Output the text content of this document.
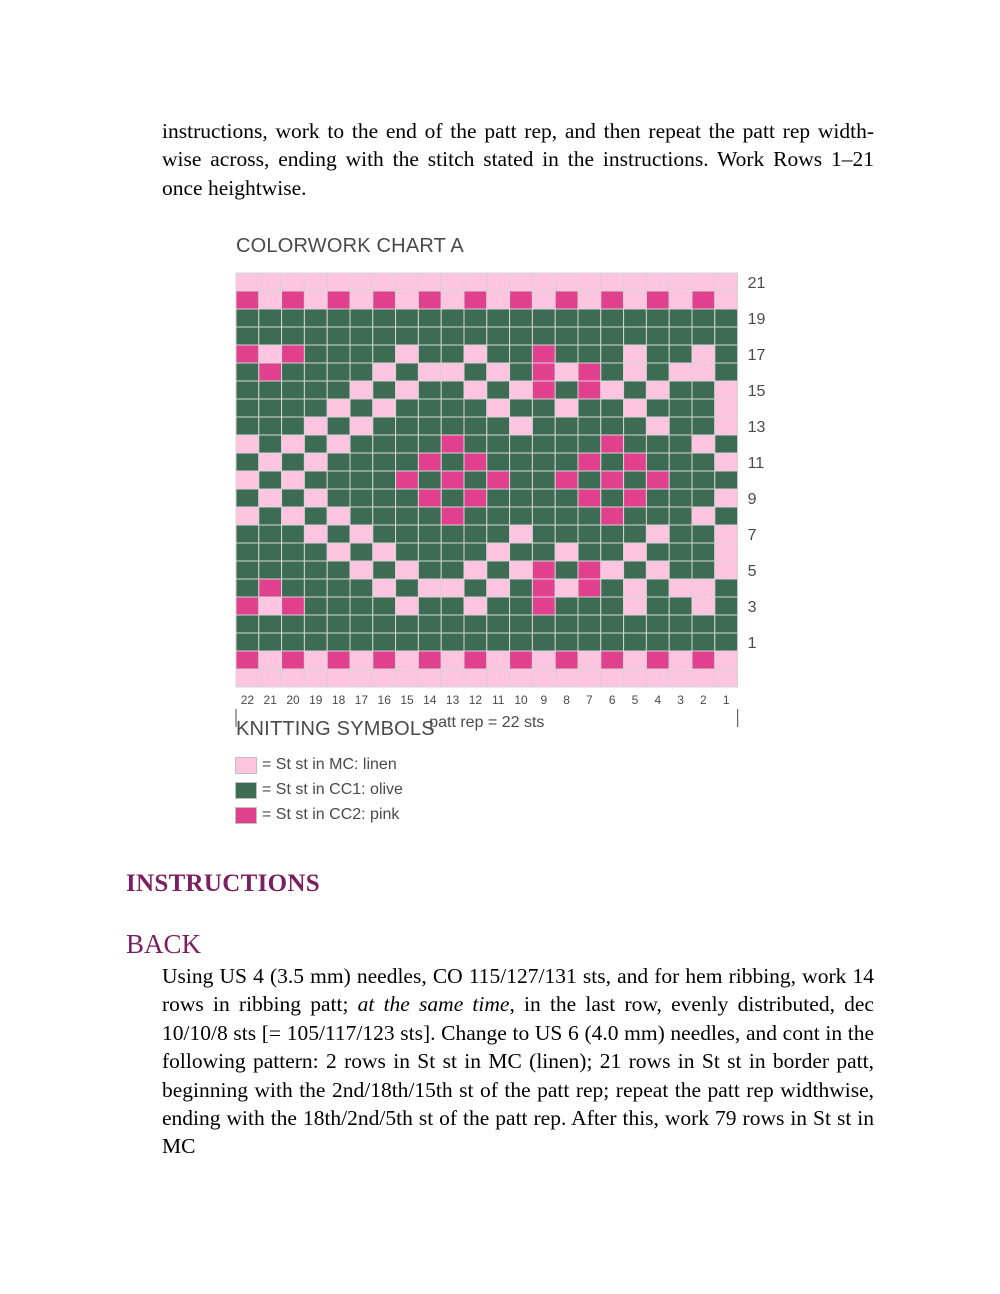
instructions, work to the end of the patt rep, and then repeat the patt rep width-wise across, ending with the stitch stated in the instructions. Work Rows 1–21 once heightwise.

COLORWORK CHART A
21
19
17
15
13
11
9
7
5
3
1
22 21 20 19 18 17 16 15 14 13 12 11 10 9 8 7 6 5 4 3 2 1
patt rep = 22 sts
KNITTING SYMBOLS
= St st in MC: linen
= St st in CC1: olive
= St st in CC2: pink
INSTRUCTIONS
BACK

Using US 4 (3.5 mm) needles, CO 115/127/131 sts, and for hem ribbing, work 14 rows in ribbing patt; at the same time, in the last row, evenly distributed, dec 10/10/8 sts [= 105/117/123 sts]. Change to US 6 (4.0 mm) needles, and cont in the following pattern: 2 rows in St st in MC (linen); 21 rows in St st in border patt, beginning with the 2nd/18th/15th st of the patt rep; repeat the patt rep widthwise, ending with the 18th/2nd/5th st of the patt rep. After this, work 79 rows in St st in MC
